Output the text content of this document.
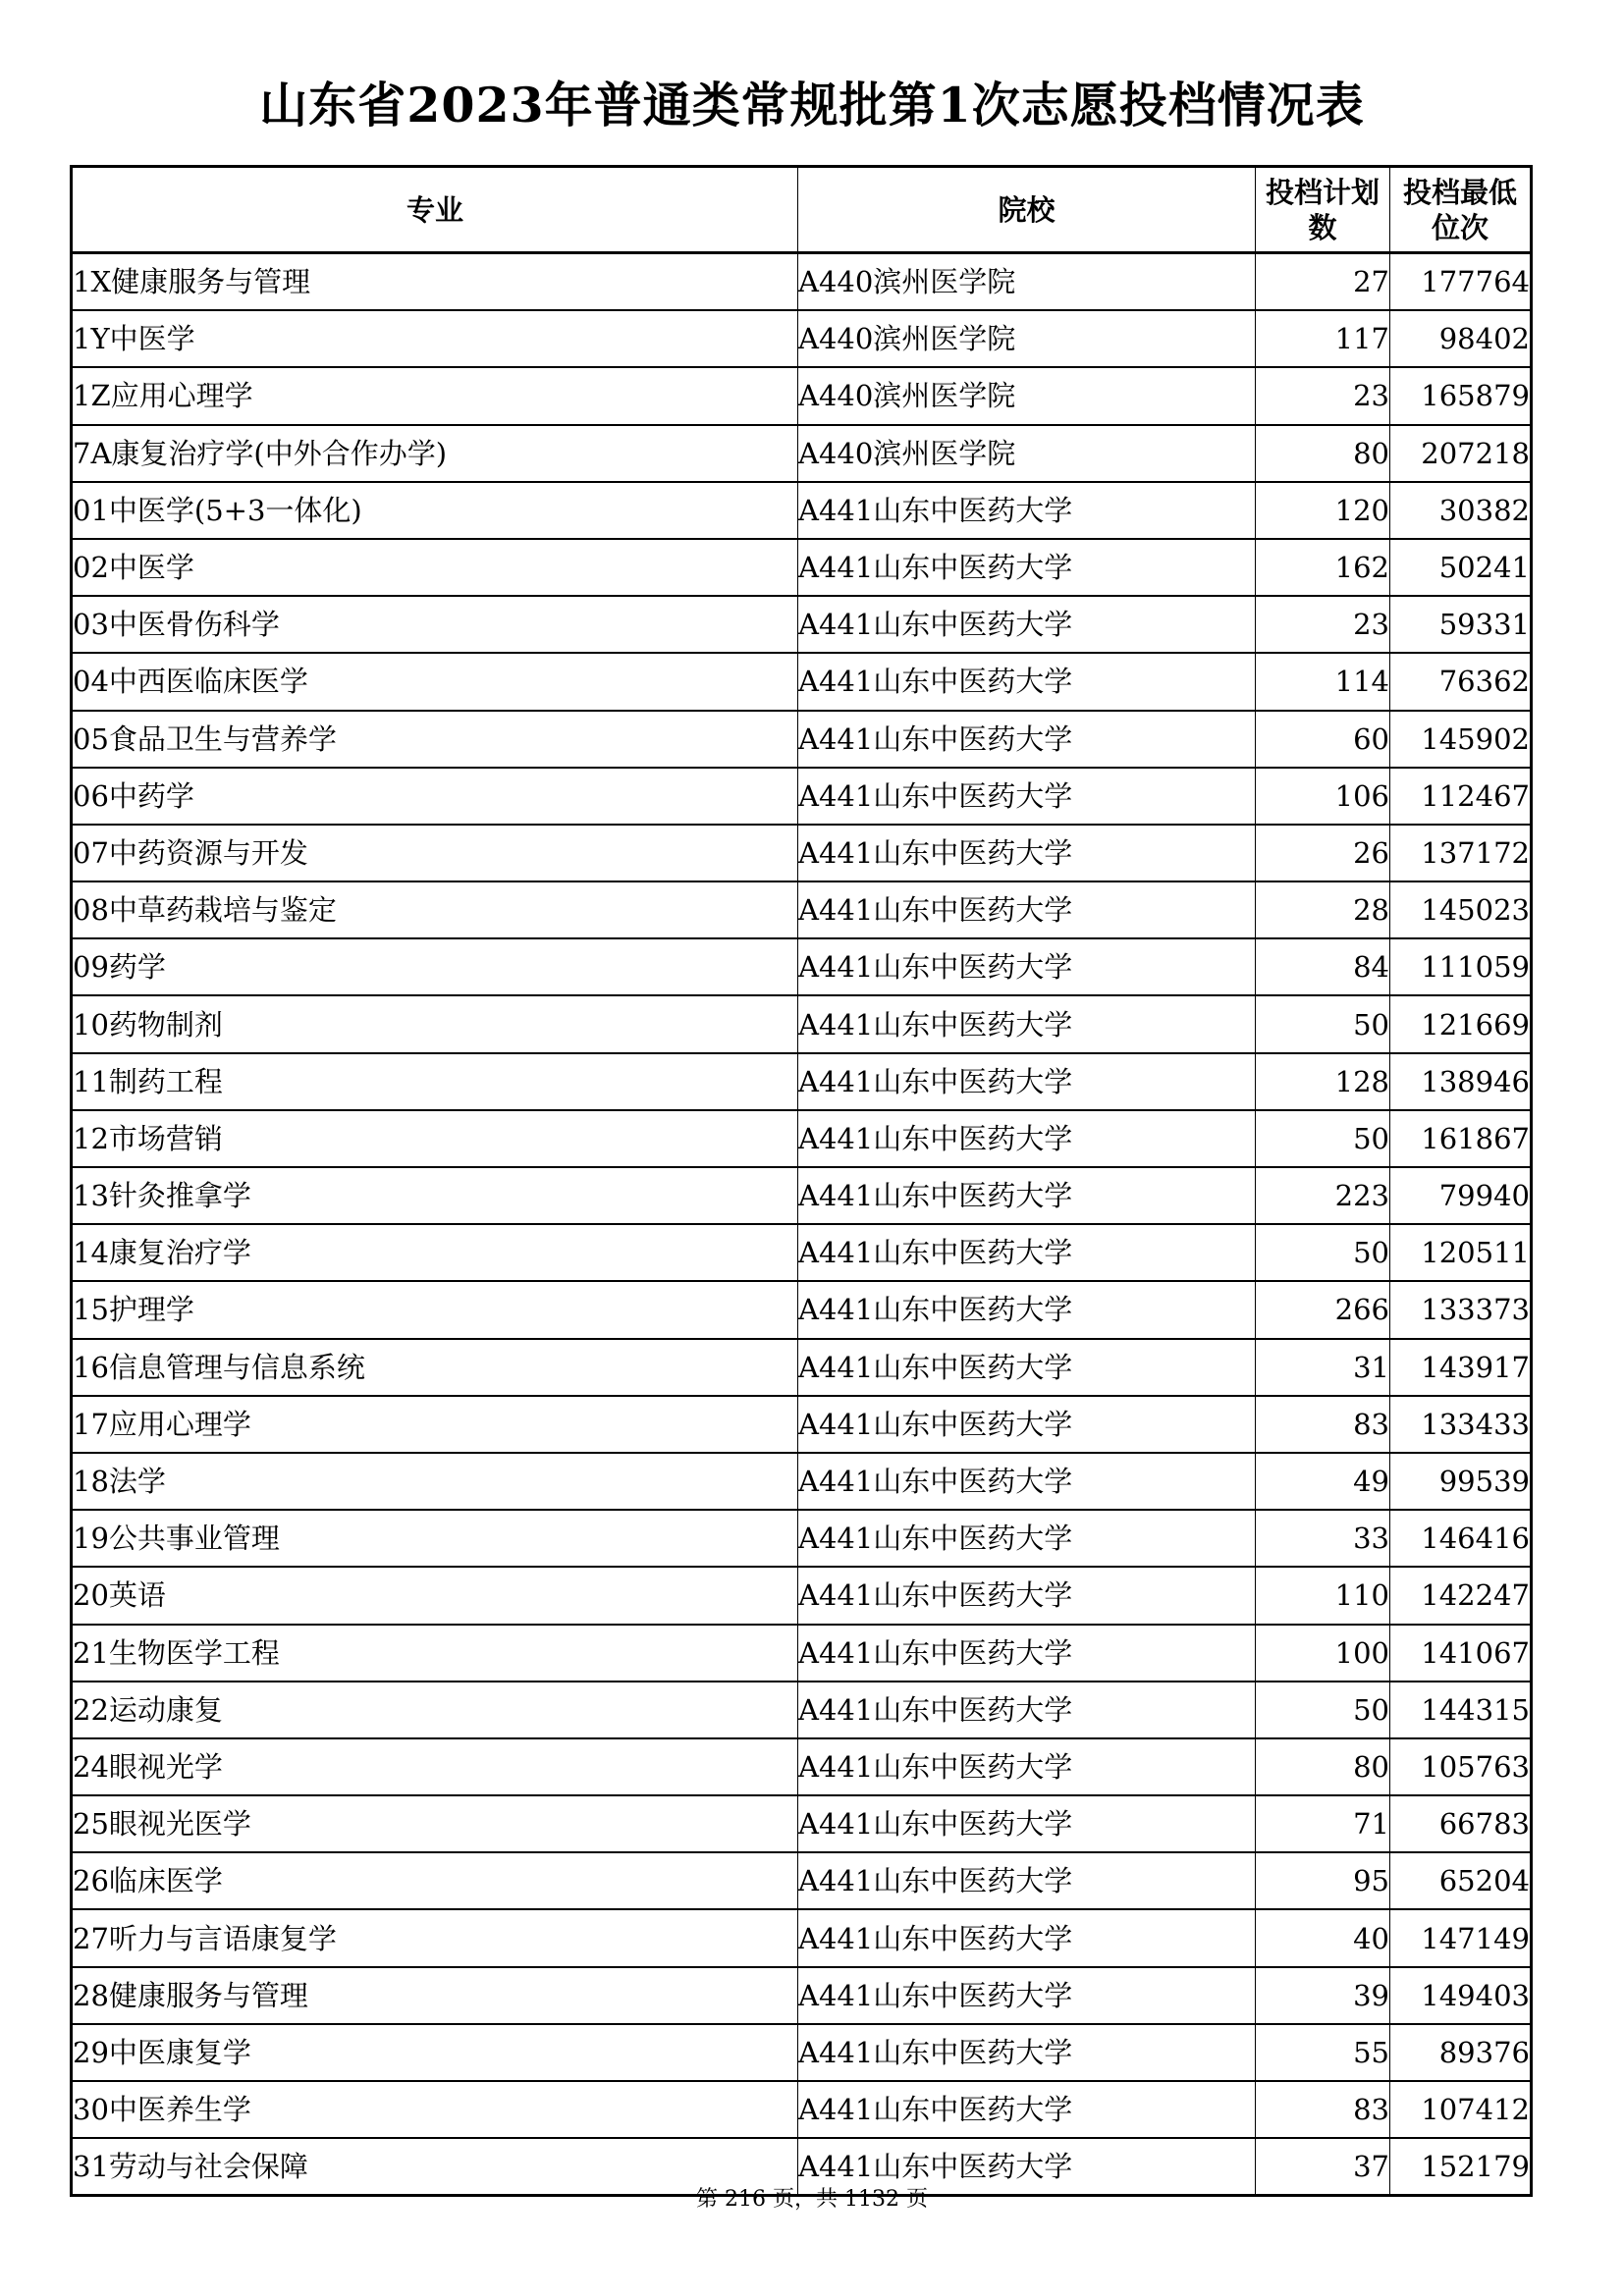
山东省2023年普通类常规批第1次志愿投档情况表
专业	院校	投档计划数	投档最低位次
1X健康服务与管理	A440滨州医学院	27	177764
1Y中医学	A440滨州医学院	117	98402
1Z应用心理学	A440滨州医学院	23	165879
7A康复治疗学(中外合作办学)	A440滨州医学院	80	207218
01中医学(5+3一体化)	A441山东中医药大学	120	30382
02中医学	A441山东中医药大学	162	50241
03中医骨伤科学	A441山东中医药大学	23	59331
04中西医临床医学	A441山东中医药大学	114	76362
05食品卫生与营养学	A441山东中医药大学	60	145902
06中药学	A441山东中医药大学	106	112467
07中药资源与开发	A441山东中医药大学	26	137172
08中草药栽培与鉴定	A441山东中医药大学	28	145023
09药学	A441山东中医药大学	84	111059
10药物制剂	A441山东中医药大学	50	121669
11制药工程	A441山东中医药大学	128	138946
12市场营销	A441山东中医药大学	50	161867
13针灸推拿学	A441山东中医药大学	223	79940
14康复治疗学	A441山东中医药大学	50	120511
15护理学	A441山东中医药大学	266	133373
16信息管理与信息系统	A441山东中医药大学	31	143917
17应用心理学	A441山东中医药大学	83	133433
18法学	A441山东中医药大学	49	99539
19公共事业管理	A441山东中医药大学	33	146416
20英语	A441山东中医药大学	110	142247
21生物医学工程	A441山东中医药大学	100	141067
22运动康复	A441山东中医药大学	50	144315
24眼视光学	A441山东中医药大学	80	105763
25眼视光医学	A441山东中医药大学	71	66783
26临床医学	A441山东中医药大学	95	65204
27听力与言语康复学	A441山东中医药大学	40	147149
28健康服务与管理	A441山东中医药大学	39	149403
29中医康复学	A441山东中医药大学	55	89376
30中医养生学	A441山东中医药大学	83	107412
31劳动与社会保障	A441山东中医药大学	37	152179
第 216 页，共 1132 页
